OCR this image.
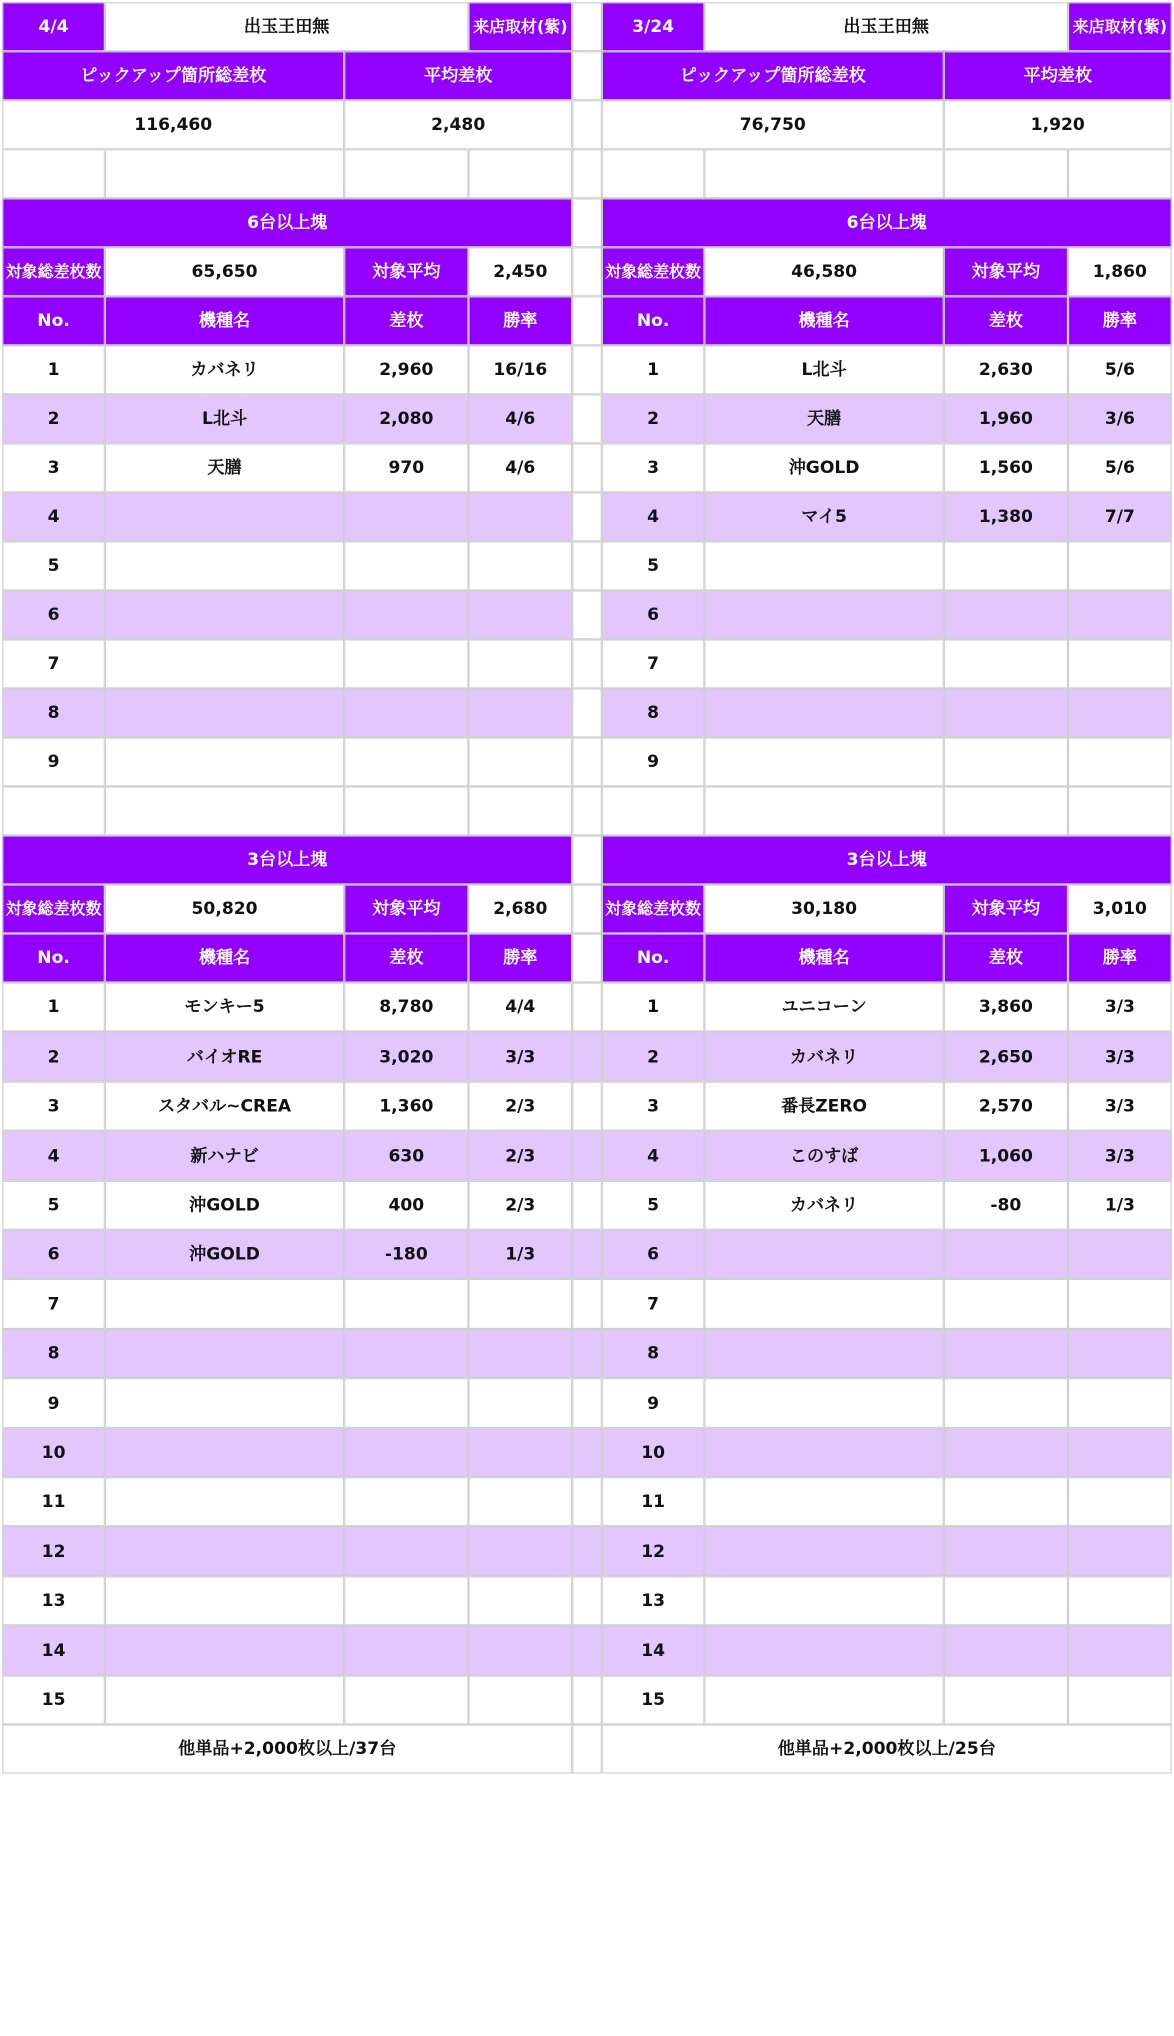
4/4	出玉王田無	来店取材(紫)
ピックアップ箇所総差枚	平均差枚
116,460	2,480
6台以上塊
対象総差枚数	65,650	対象平均	2,450
No.	機種名	差枚	勝率
1	カバネリ	2,960	16/16
2	L北斗	2,080	4/6
3	天膳	970	4/6
4
5
6
7
8
9
3台以上塊
対象総差枚数	50,820	対象平均	2,680
No.	機種名	差枚	勝率
1	モンキー5	8,780	4/4
2	バイオRE	3,020	3/3
3	スタバル~CREA	1,360	2/3
4	新ハナビ	630	2/3
5	沖GOLD	400	2/3
6	沖GOLD	-180	1/3
7
8
9
10
11
12
13
14
15
他単品+2,000枚以上/37台
3/24	出玉王田無	来店取材(紫)
ピックアップ箇所総差枚	平均差枚
76,750	1,920
6台以上塊
対象総差枚数	46,580	対象平均	1,860
No.	機種名	差枚	勝率
1	L北斗	2,630	5/6
2	天膳	1,960	3/6
3	沖GOLD	1,560	5/6
4	マイ5	1,380	7/7
5
6
7
8
9
3台以上塊
対象総差枚数	30,180	対象平均	3,010
No.	機種名	差枚	勝率
1	ユニコーン	3,860	3/3
2	カバネリ	2,650	3/3
3	番長ZERO	2,570	3/3
4	このすば	1,060	3/3
5	カバネリ	-80	1/3
6
7
8
9
10
11
12
13
14
15
他単品+2,000枚以上/25台
